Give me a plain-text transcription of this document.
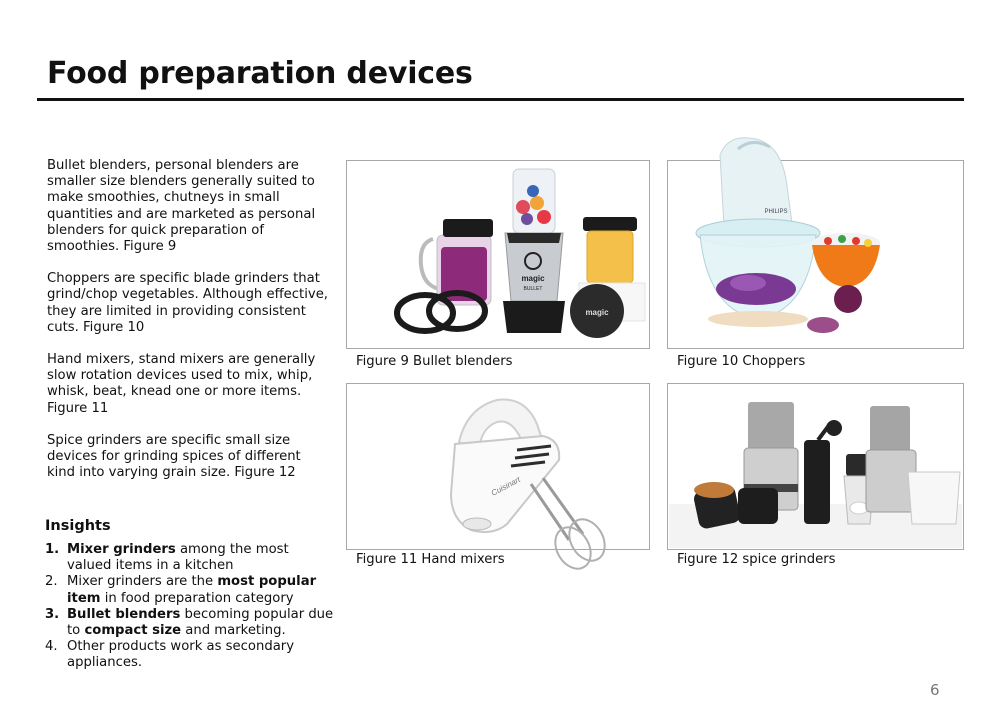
Food preparation devices

Bullet blenders, personal blenders are smaller size blenders generally suited to make smoothies, chutneys in small quantities and are marketed as personal blenders for quick preparation of smoothies. Figure 9

Choppers are specific blade grinders that grind/chop vegetables. Although effective, they are limited in providing consistent cuts. Figure 10

Hand mixers, stand mixers are generally slow rotation devices used to mix, whip, whisk, beat, knead one or more items. Figure 11

Spice grinders are specific small size devices for grinding spices of different kind into varying grain size. Figure 12

Insights
1. Mixer grinders among the most valued items in a kitchen
2. Mixer grinders are the most popular item in food preparation category
3. Bullet blenders becoming popular due to compact size and marketing.
4. Other products work as secondary appliances.
magic
BULLET
magic
Figure 9 Bullet blenders
PHILIPS
Figure 10 Choppers
Cuisinart
Figure 11 Hand mixers	Figure 12 spice grinders
6
